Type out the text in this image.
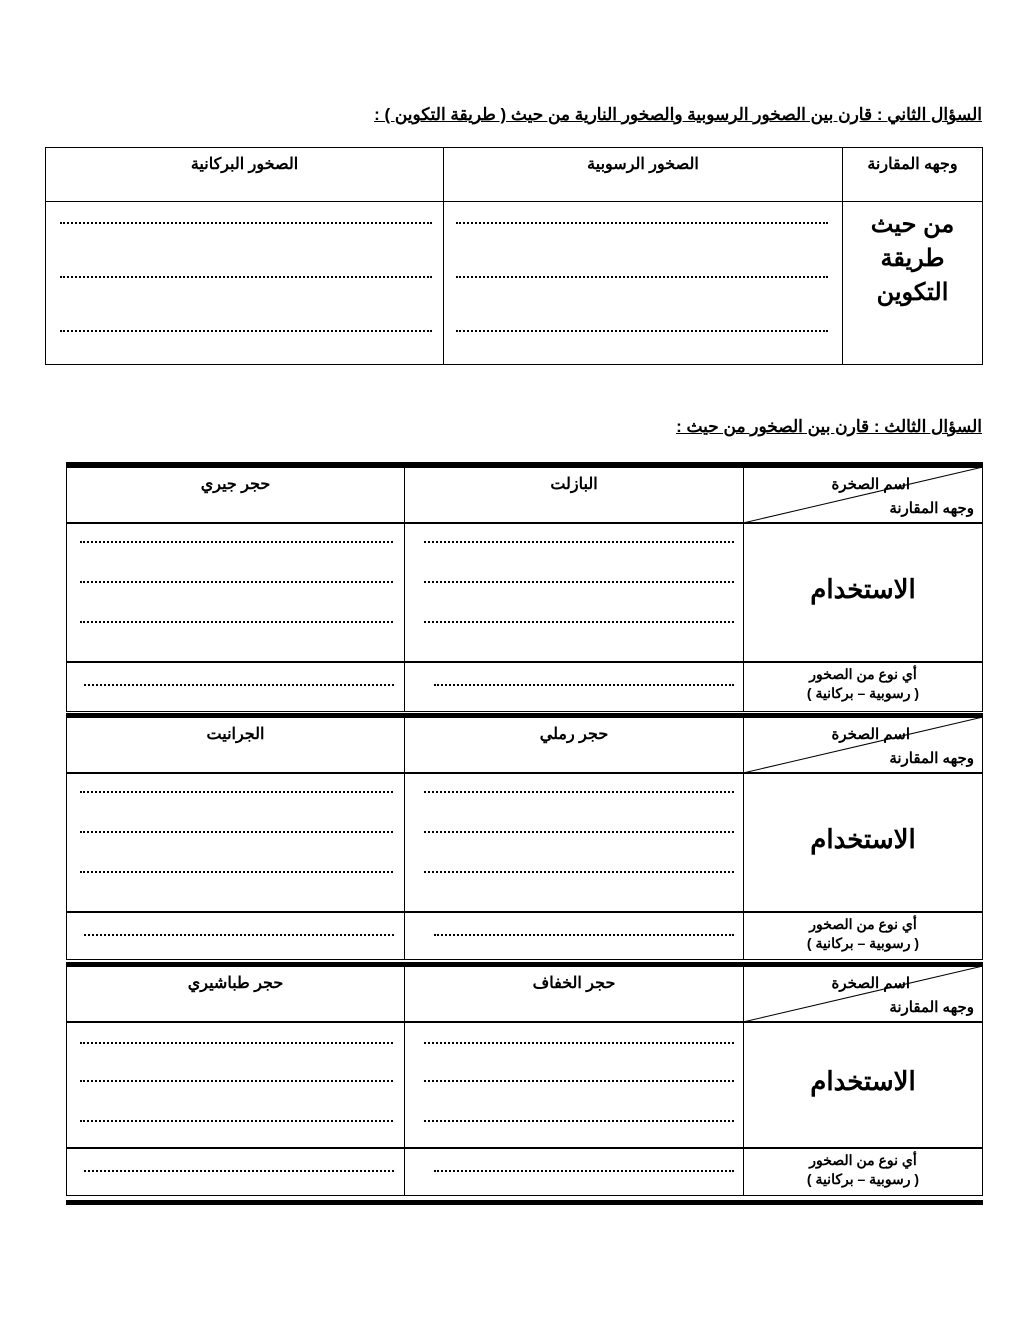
السؤال الثاني : قارن بين الصخور الرسوبية والصخور النارية من حيث ( طريقة التكوين ) :
وجهه المقارنة
الصخور الرسوبية
الصخور البركانية
من حيث طريقة التكوين
السؤال الثالث : قارن بين الصخور من حيث :
اسم الصخرة
وجهه المقارنة
البازلت
حجر جيري
الاستخدام
أي نوع من الصخور
( رسوبية – بركانية )
اسم الصخرة
وجهه المقارنة
حجر رملي
الجرانيت
الاستخدام
أي نوع من الصخور
( رسوبية – بركانية )
اسم الصخرة
وجهه المقارنة
حجر الخفاف
حجر طباشيري
الاستخدام
أي نوع من الصخور
( رسوبية – بركانية )
